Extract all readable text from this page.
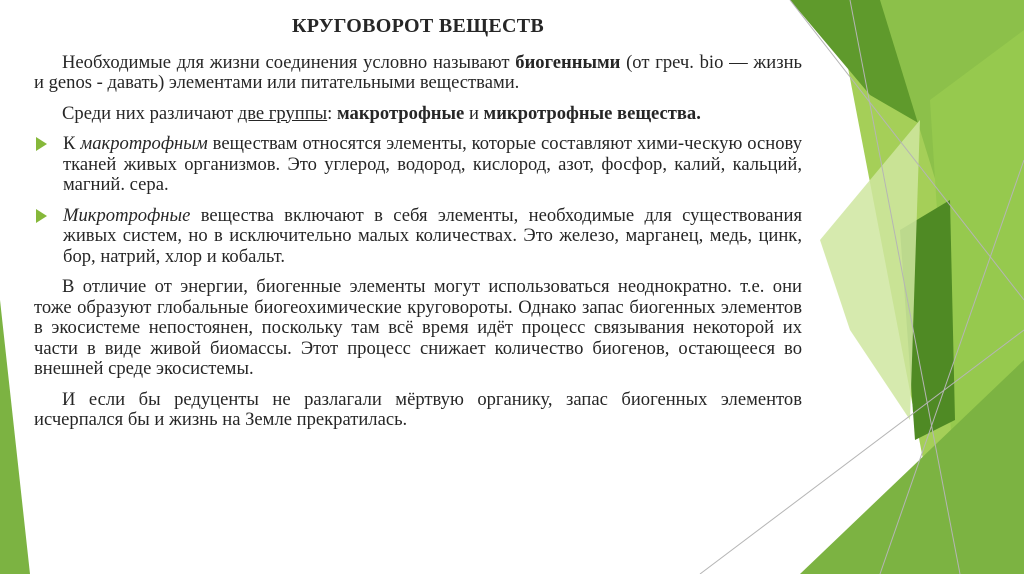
КРУГОВОРОТ ВЕЩЕСТВ

Необходимые для жизни соединения условно называют биогенными (от греч. bio — жизнь и genos - давать) элементами или питательными веществами.

Среди них различают две группы: макротрофные и микротрофные вещества.

К макротрофным веществам относятся элементы, которые составляют хими-ческую основу тканей живых организмов. Это углерод, водород, кислород, азот, фосфор, калий, кальций, магний. сера.
Микротрофные вещества включают в себя элементы, необходимые для существования живых систем, но в исключительно малых количествах. Это железо, марганец, медь, цинк, бор, натрий, хлор и кобальт.

В отличие от энергии, биогенные элементы могут использоваться неоднократно. т.е. они тоже образуют глобальные биогеохимические круговороты. Однако запас биогенных элементов в экосистеме непостоянен, поскольку там всё время идёт процесс связывания некоторой их части в виде живой биомассы. Этот процесс снижает количество биогенов, остающееся во внешней среде экосистемы.

И если бы редуценты не разлагали мёртвую органику, запас биогенных элементов исчерпался бы и жизнь на Земле прекратилась.
